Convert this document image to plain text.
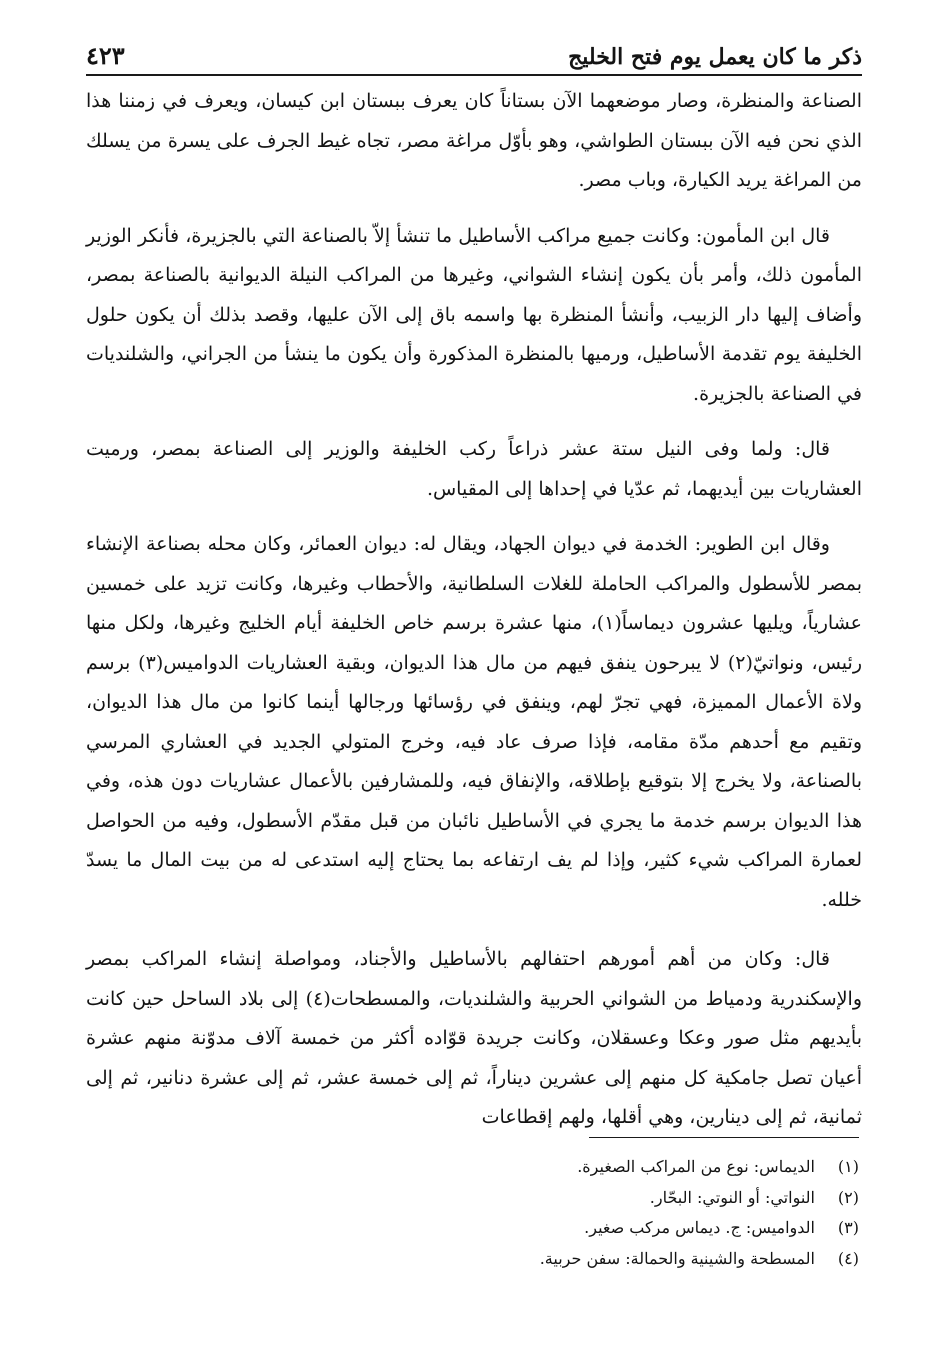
ذكر ما كان يعمل يوم فتح الخليج
٤٢٣

الصناعة والمنظرة، وصار موضعهما الآن بستاناً كان يعرف ببستان ابن كيسان، ويعرف في زمننا هذا الذي نحن فيه الآن ببستان الطواشي، وهو بأوّل مراغة مصر، تجاه غيط الجرف على يسرة من يسلك من المراغة يريد الكيارة، وباب مصر.

قال ابن المأمون: وكانت جميع مراكب الأساطيل ما تنشأ إلاّ بالصناعة التي بالجزيرة، فأنكر الوزير المأمون ذلك، وأمر بأن يكون إنشاء الشواني، وغيرها من المراكب النيلة الديوانية بالصناعة بمصر، وأضاف إليها دار الزبيب، وأنشأ المنظرة بها واسمه باق إلى الآن عليها، وقصد بذلك أن يكون حلول الخليفة يوم تقدمة الأساطيل، ورميها بالمنظرة المذكورة وأن يكون ما ينشأ من الجراني، والشلنديات في الصناعة بالجزيرة.

قال: ولما وفى النيل ستة عشر ذراعاً ركب الخليفة والوزير إلى الصناعة بمصر، ورميت العشاريات بين أيديهما، ثم عدّيا في إحداها إلى المقياس.

وقال ابن الطوير: الخدمة في ديوان الجهاد، ويقال له: ديوان العمائر، وكان محله بصناعة الإنشاء بمصر للأسطول والمراكب الحاملة للغلات السلطانية، والأحطاب وغيرها، وكانت تزيد على خمسين عشارياً، ويليها عشرون ديماساً(١)، منها عشرة برسم خاص الخليفة أيام الخليج وغيرها، ولكل منها رئيس، ونواتيّ(٢) لا يبرحون ينفق فيهم من مال هذا الديوان، وبقية العشاريات الدواميس(٣) برسم ولاة الأعمال المميزة، فهي تجرّ لهم، وينفق في رؤسائها ورجالها أينما كانوا من مال هذا الديوان، وتقيم مع أحدهم مدّة مقامه، فإذا صرف عاد فيه، وخرج المتولي الجديد في العشاري المرسي بالصناعة، ولا يخرج إلا بتوقيع بإطلاقه، والإنفاق فيه، وللمشارفين بالأعمال عشاريات دون هذه، وفي هذا الديوان برسم خدمة ما يجري في الأساطيل نائبان من قبل مقدّم الأسطول، وفيه من الحواصل لعمارة المراكب شيء كثير، وإذا لم يف ارتفاعه بما يحتاج إليه استدعى له من بيت المال ما يسدّ خلله.

قال: وكان من أهم أمورهم احتفالهم بالأساطيل والأجناد، ومواصلة إنشاء المراكب بمصر والإسكندرية ودمياط من الشواني الحربية والشلنديات، والمسطحات(٤) إلى بلاد الساحل حين كانت بأيديهم مثل صور وعكا وعسقلان، وكانت جريدة قوّاده أكثر من خمسة آلاف مدوّنة منهم عشرة أعيان تصل جامكية كل منهم إلى عشرين ديناراً، ثم إلى خمسة عشر، ثم إلى عشرة دنانير، ثم إلى ثمانية، ثم إلى دينارين، وهي أقلها، ولهم إقطاعات

(١)
الديماس: نوع من المراكب الصغيرة.
(٢)
النواتي: أو النوتي: البحّار.
(٣)
الدواميس: ج. ديماس مركب صغير.
(٤)
المسطحة والشينية والحمالة: سفن حربية.
